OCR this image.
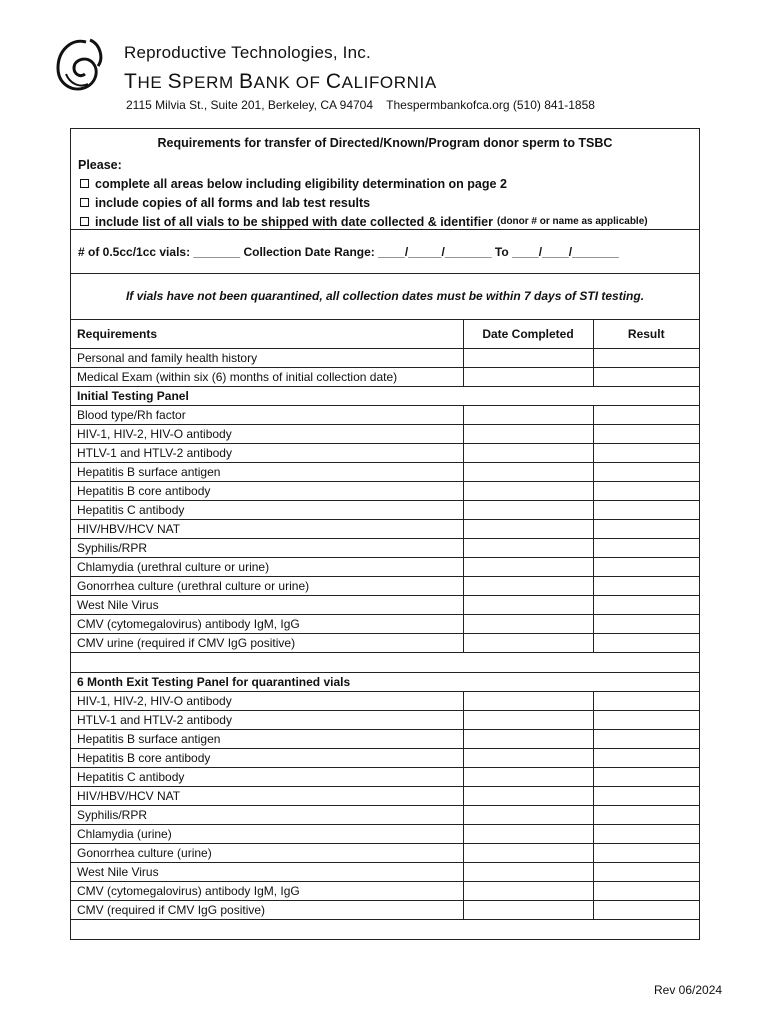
Reproductive Technologies, Inc.
THE SPERM BANK OF CALIFORNIA
2115 Milvia St., Suite 201, Berkeley, CA 94704    Thespermbankofca.org (510) 841-1858
Requirements for transfer of Directed/Known/Program donor sperm to TSBC
Please:
complete all areas below including eligibility determination on page 2
include copies of all forms and lab test results
include list of all vials to be shipped with date collected & identifier (donor # or name as applicable)
# of 0.5cc/1cc vials: _______ Collection Date Range: ____/_____/_______ To ____/____/_______
If vials have not been quarantined, all collection dates must be within 7 days of STI testing.
Requirements	Date Completed	Result
Personal and family health history		
Medical Exam (within six (6) months of initial collection date)		
Initial Testing Panel		
Blood type/Rh factor		
HIV-1, HIV-2, HIV-O antibody		
HTLV-1 and HTLV-2 antibody		
Hepatitis B surface antigen		
Hepatitis B core antibody		
Hepatitis C antibody		
HIV/HBV/HCV NAT		
Syphilis/RPR		
Chlamydia (urethral culture or urine)		
Gonorrhea culture (urethral culture or urine)		
West Nile Virus		
CMV (cytomegalovirus) antibody IgM, IgG		
CMV urine (required if CMV IgG positive)		

6 Month Exit Testing Panel for quarantined vials		
HIV-1, HIV-2, HIV-O antibody		
HTLV-1 and HTLV-2 antibody		
Hepatitis B surface antigen		
Hepatitis B core antibody		
Hepatitis C antibody		
HIV/HBV/HCV NAT		
Syphilis/RPR		
Chlamydia (urine)		
Gonorrhea culture (urine)		
West Nile Virus		
CMV (cytomegalovirus) antibody IgM, IgG		
CMV (required if CMV IgG positive)		

Rev 06/2024
